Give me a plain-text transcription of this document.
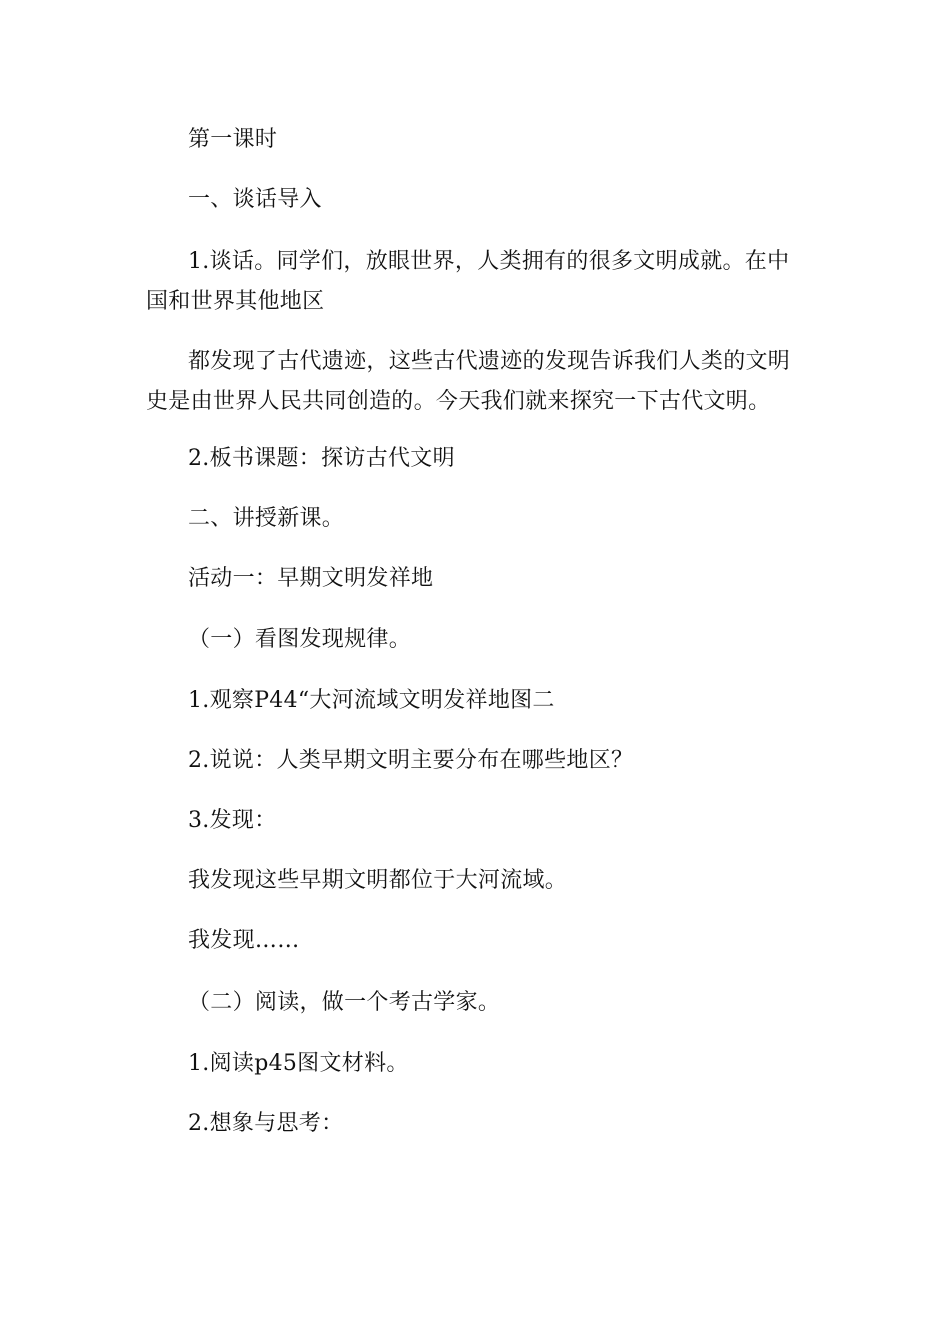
第一课时
一、谈话导入
1.谈话。同学们，放眼世界，人类拥有的很多文明成就。在中国和世界其他地区
都发现了古代遗迹，这些古代遗迹的发现告诉我们人类的文明史是由世界人民共同创造的。今天我们就来探究一下古代文明。
2.板书课题：探访古代文明
二、讲授新课。
活动一：早期文明发祥地
（一）看图发现规律。
1.观察P44“大河流域文明发祥地图二
2.说说：人类早期文明主要分布在哪些地区？
3.发现：
我发现这些早期文明都位于大河流域。
我发现……
（二）阅读，做一个考古学家。
1.阅读p45图文材料。
2.想象与思考：
